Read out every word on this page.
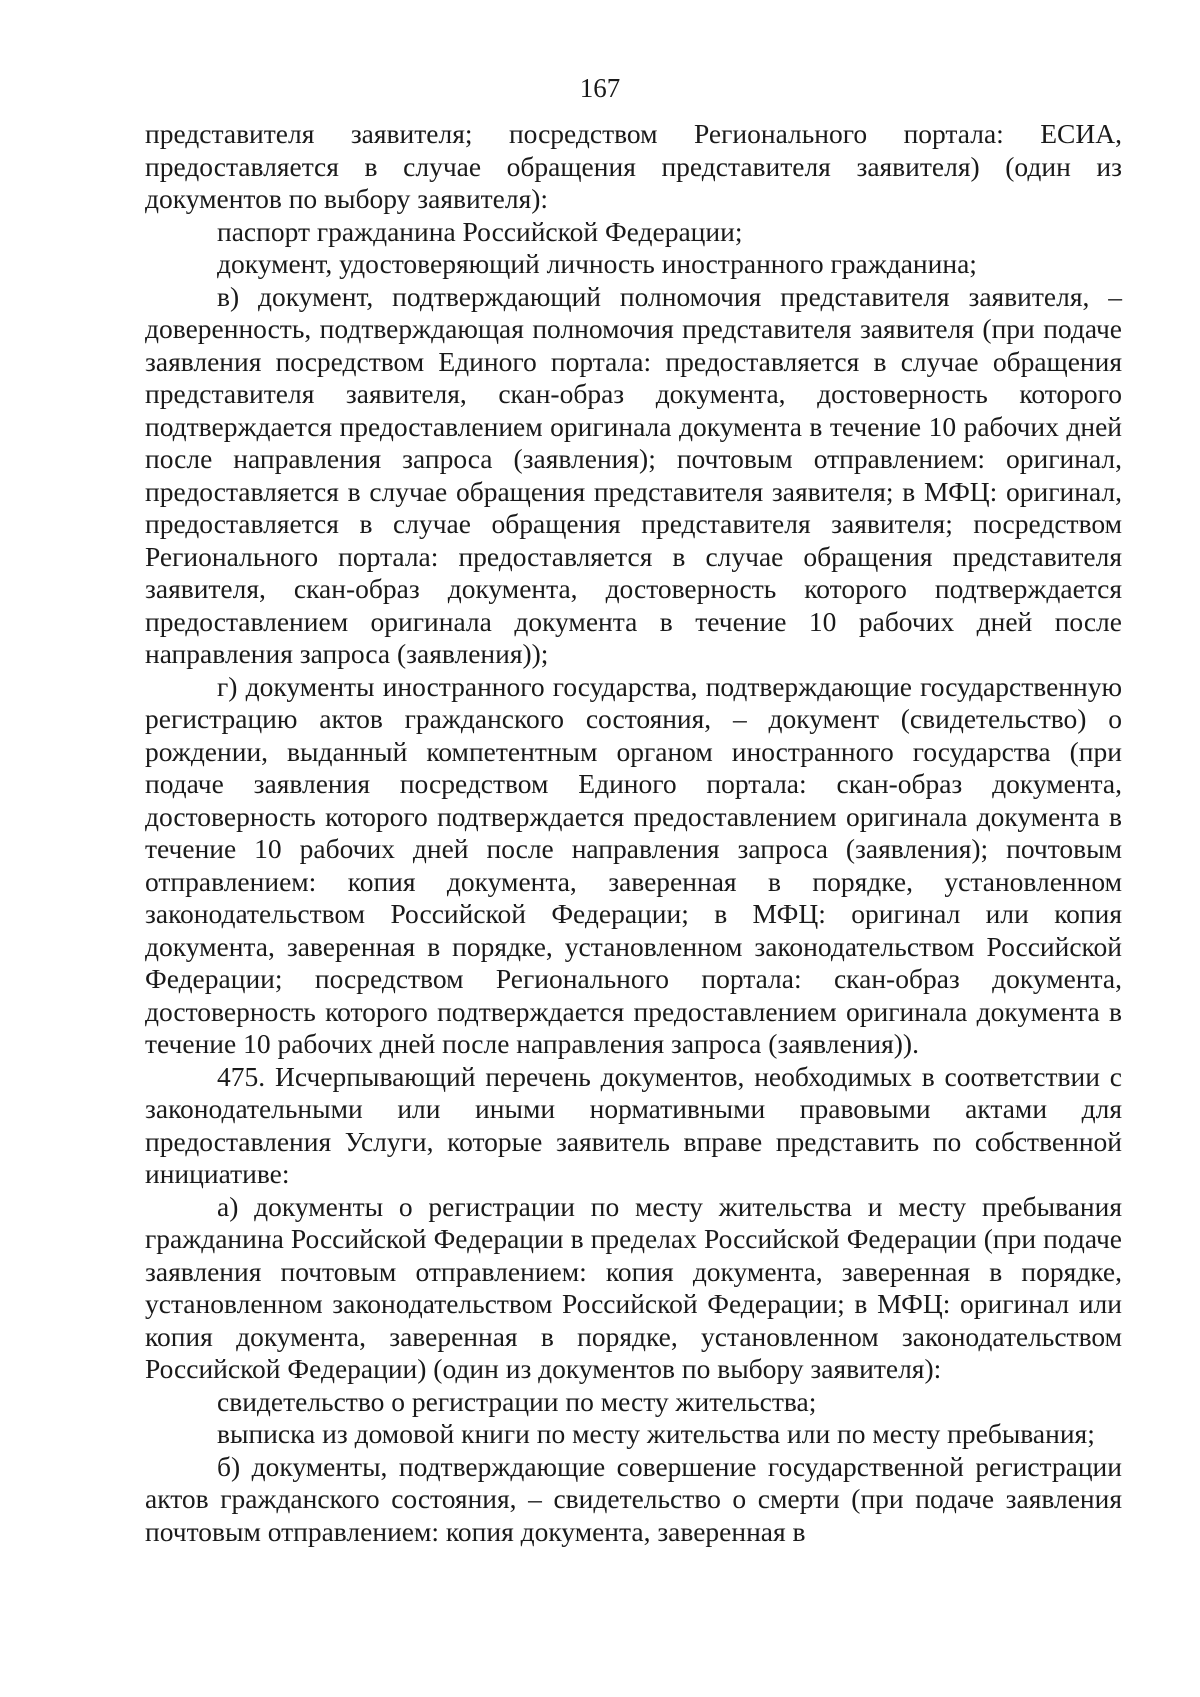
167

представителя заявителя; посредством Регионального портала: ЕСИА, предоставляется в случае обращения представителя заявителя) (один из документов по выбору заявителя):

паспорт гражданина Российской Федерации;

документ, удостоверяющий личность иностранного гражданина;

в) документ, подтверждающий полномочия представителя заявителя, – доверенность, подтверждающая полномочия представителя заявителя (при подаче заявления посредством Единого портала: предоставляется в случае обращения представителя заявителя, скан-образ документа, достоверность которого подтверждается предоставлением оригинала документа в течение 10 рабочих дней после направления запроса (заявления); почтовым отправлением: оригинал, предоставляется в случае обращения представителя заявителя; в МФЦ: оригинал, предоставляется в случае обращения представителя заявителя; посредством Регионального портала: предоставляется в случае обращения представителя заявителя, скан-образ документа, достоверность которого подтверждается предоставлением оригинала документа в течение 10 рабочих дней после направления запроса (заявления));

г) документы иностранного государства, подтверждающие государственную регистрацию актов гражданского состояния, – документ (свидетельство) о рождении, выданный компетентным органом иностранного государства (при подаче заявления посредством Единого портала: скан-образ документа, достоверность которого подтверждается предоставлением оригинала документа в течение 10 рабочих дней после направления запроса (заявления); почтовым отправлением: копия документа, заверенная в порядке, установленном законодательством Российской Федерации; в МФЦ: оригинал или копия документа, заверенная в порядке, установленном законодательством Российской Федерации; посредством Регионального портала: скан-образ документа, достоверность которого подтверждается предоставлением оригинала документа в течение 10 рабочих дней после направления запроса (заявления)).

475. Исчерпывающий перечень документов, необходимых в соответствии с законодательными или иными нормативными правовыми актами для предоставления Услуги, которые заявитель вправе представить по собственной инициативе:

а) документы о регистрации по месту жительства и месту пребывания гражданина Российской Федерации в пределах Российской Федерации (при подаче заявления почтовым отправлением: копия документа, заверенная в порядке, установленном законодательством Российской Федерации; в МФЦ: оригинал или копия документа, заверенная в порядке, установленном законодательством Российской Федерации) (один из документов по выбору заявителя):

свидетельство о регистрации по месту жительства;

выписка из домовой книги по месту жительства или по месту пребывания;

б) документы, подтверждающие совершение государственной регистрации актов гражданского состояния, – свидетельство о смерти (при подаче заявления почтовым отправлением: копия документа, заверенная в
